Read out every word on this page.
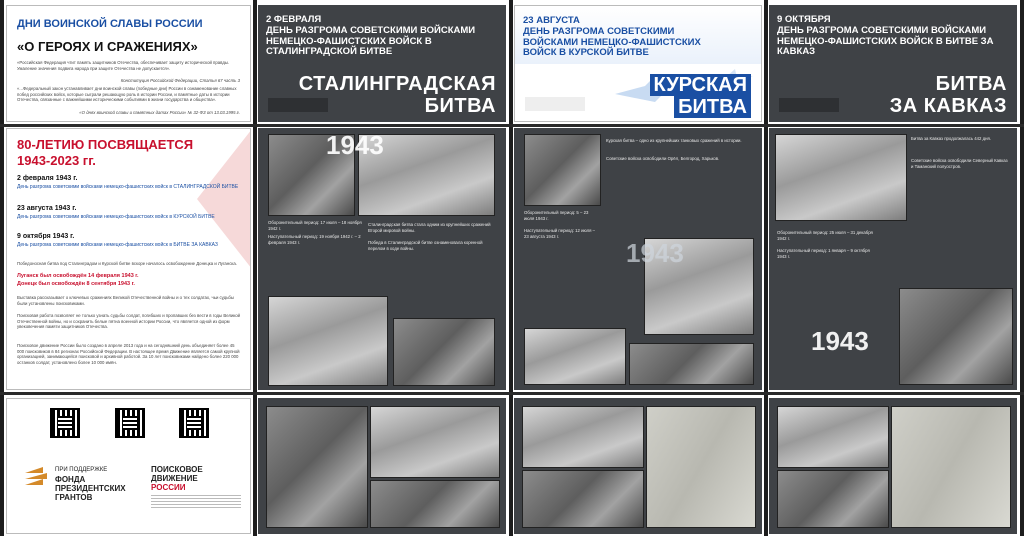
ДНИ ВОИНСКОЙ СЛАВЫ РОССИИ
«О ГЕРОЯХ И СРАЖЕНИЯХ»
«Российская Федерация чтит память защитников Отечества, обеспечивает защиту исторической правды. Умаление значения подвига народа при защите Отечества не допускается».
Конституция Российской Федерации, Статья 67 часть 3
«...Федеральный закон устанавливает дни воинской славы (победные дни) России в ознаменование славных побед российских войск, которые сыграли решающую роль в истории России, и памятные даты в истории Отечества, связанные с важнейшими историческими событиями в жизни государства и общества».
«О днях воинской славы и памятных датах России» № 32-ФЗ от 13.03.1995 г.
2 ФЕВРАЛЯ
ДЕНЬ РАЗГРОМА СОВЕТСКИМИ ВОЙСКАМИ НЕМЕЦКО-ФАШИСТСКИХ ВОЙСК В СТАЛИНГРАДСКОЙ БИТВЕ
СТАЛИНГРАДСКАЯ
БИТВА
23 АВГУСТА
ДЕНЬ РАЗГРОМА СОВЕТСКИМИ ВОЙСКАМИ НЕМЕЦКО-ФАШИСТСКИХ ВОЙСК В КУРСКОЙ БИТВЕ
КУРСКАЯ
БИТВА
9 ОКТЯБРЯ
ДЕНЬ РАЗГРОМА СОВЕТСКИМИ ВОЙСКАМИ НЕМЕЦКО-ФАШИСТСКИХ ВОЙСК В БИТВЕ ЗА КАВКАЗ
БИТВА
ЗА КАВКАЗ
80-ЛЕТИЮ ПОСВЯЩАЕТСЯ
1943-2023 гг.
2 февраля 1943 г.
День разгрома советскими войсками немецко-фашистских войск в СТАЛИНГРАДСКОЙ БИТВЕ
23 августа 1943 г.
День разгрома советскими войсками немецко-фашистских войск в КУРСКОЙ БИТВЕ
9 октября 1943 г.
День разгрома советскими войсками немецко-фашистских войск в БИТВЕ ЗА КАВКАЗ
Победоносная битва под Сталинградом и Курской битве вскоре началось освобождение Донецка и Луганска.
Луганск был освобождён 14 февраля 1943 г.
Донецк был освобождён 8 сентября 1943 г.
Выставка рассказывает о ключевых сражениях Великой Отечественной войны и о тех солдатах, чьи судьбы были установлены поисковиками.
Поисковая работа позволяет не только узнать судьбы солдат, погибших и пропавших без вести в годы Великой Отечественной войны, но и сохранить белые пятна военной истории России, что является одной из форм увековечения памяти защитников Отечества.
Поисковое движение России было создано в апреле 2013 года и на сегодняшний день объединяет более 45 000 поисковиков в 84 регионах Российской Федерации. В настоящее время Движение является самой крупной организацией, занимающейся поисковой и архивной работой. За 10 лет поисковиками найдено более 220 000 останков солдат, установлено более 10 000 имён.
1943
Оборонительный период: 17 июля – 18 ноября 1942 г.
Наступательный период: 19 ноября 1942 г. – 2 февраля 1943 г.
Сталинградская битва стала одним из крупнейших сражений Второй мировой войны.
Победа в Сталинградской битве ознаменовала коренной перелом в ходе войны.
Курская битва – одно из крупнейших танковых сражений в истории.
Советские войска освободили Орёл, Белгород, Харьков.
Оборонительный период: 5 – 23 июля 1943 г.
Наступательный период: 12 июля – 23 августа 1943 г.
1943
Битва за Кавказ продолжалась 442 дня.
Советские войска освободили Северный Кавказ и Таманский полуостров.
Оборонительный период: 25 июля – 31 декабря 1942 г.
Наступательный период: 1 января – 9 октября 1943 г.
1943
ПРИ ПОДДЕРЖКЕ
ФОНДА
ПРЕЗИДЕНТСКИХ
ГРАНТОВ
ПОИСКОВОЕ
ДВИЖЕНИЕ
РОССИИ
